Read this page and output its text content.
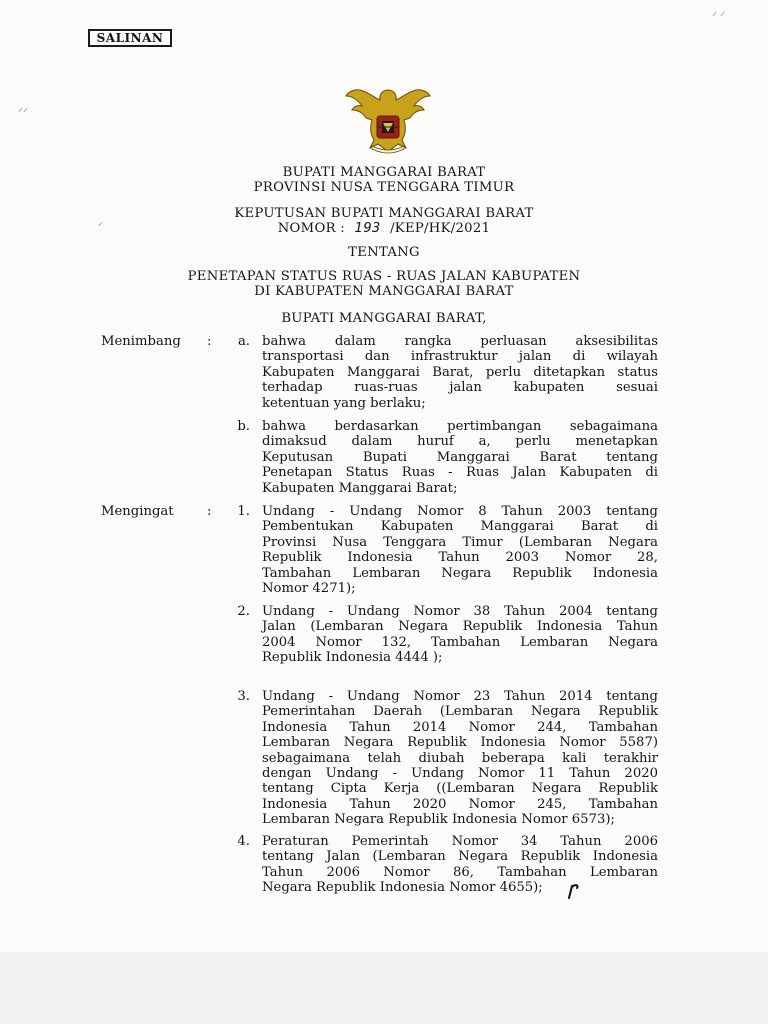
SALINAN
⸝⸝
⸝
⸝ ⸝
BUPATI MANGGARAI BARAT
PROVINSI NUSA TENGGARA TIMUR
KEPUTUSAN BUPATI MANGGARAI BARAT
NOMOR : 193 /KEP/HK/2021
TENTANG
PENETAPAN STATUS RUAS - RUAS JALAN KABUPATEN
DI KABUPATEN MANGGARAI BARAT
BUPATI MANGGARAI BARAT,
Menimbang :	a. bahwa dalam rangka perluasan aksesibilitas
transportasi dan infrastruktur jalan di wilayah
Kabupaten Manggarai Barat, perlu ditetapkan status
terhadap ruas-ruas jalan kabupaten sesuai
ketentuan yang berlaku;
b. bahwa berdasarkan pertimbangan sebagaimana
dimaksud dalam huruf a, perlu menetapkan
Keputusan Bupati Manggarai Barat tentang
Penetapan Status Ruas - Ruas Jalan Kabupaten di
Kabupaten Manggarai Barat;
Mengingat	:	1. Undang - Undang Nomor 8 Tahun 2003 tentang
Pembentukan Kabupaten Manggarai Barat di
Provinsi Nusa Tenggara Timur (Lembaran Negara
Republik Indonesia Tahun 2003 Nomor 28,
Tambahan Lembaran Negara Republik Indonesia
Nomor 4271);
2. Undang - Undang Nomor 38 Tahun 2004 tentang
Jalan (Lembaran Negara Republik Indonesia Tahun
2004 Nomor 132, Tambahan Lembaran Negara
Republik Indonesia 4444 );
3. Undang - Undang Nomor 23 Tahun 2014 tentang
Pemerintahan Daerah (Lembaran Negara Republik
Indonesia Tahun 2014 Nomor 244, Tambahan
Lembaran Negara Republik Indonesia Nomor 5587)
sebagaimana telah diubah beberapa kali terakhir
dengan Undang - Undang Nomor 11 Tahun 2020
tentang Cipta Kerja ((Lembaran Negara Republik
Indonesia Tahun 2020 Nomor 245, Tambahan
Lembaran Negara Republik Indonesia Nomor 6573);
4. Peraturan Pemerintah Nomor 34 Tahun 2006
tentang Jalan (Lembaran Negara Republik Indonesia
Tahun 2006 Nomor 86, Tambahan Lembaran
Negara Republik Indonesia Nomor 4655);
